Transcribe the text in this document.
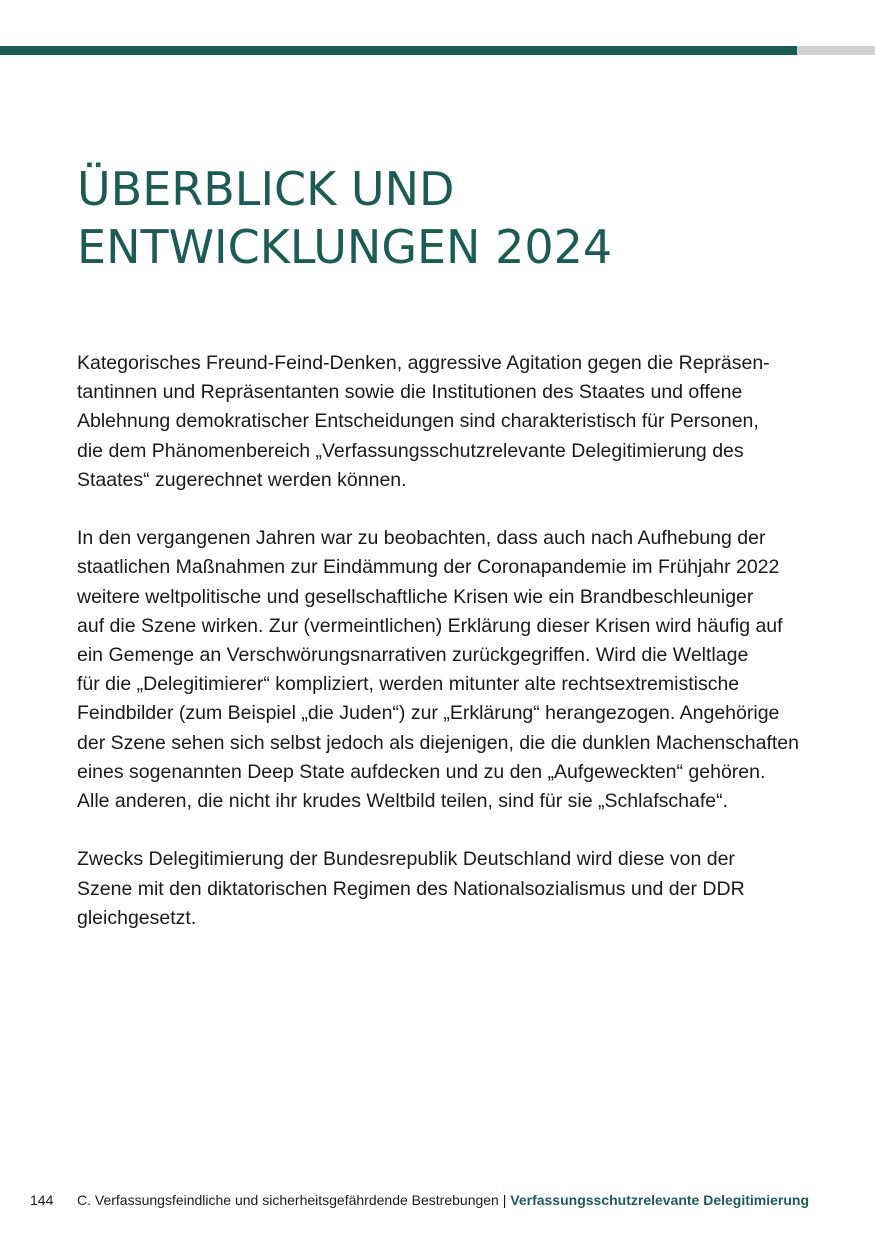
ÜBERBLICK UND
ENTWICKLUNGEN 2024

Kategorisches Freund-Feind-Denken, aggressive Agitation gegen die Repräsen-
tantinnen und Repräsentanten sowie die Institutionen des Staates und offene
Ablehnung demokratischer Entscheidungen sind charakteristisch für Personen,
die dem Phänomenbereich „Verfassungsschutzrelevante Delegitimierung des
Staates“ zugerechnet werden können.

In den vergangenen Jahren war zu beobachten, dass auch nach Aufhebung der
staatlichen Maßnahmen zur Eindämmung der Coronapandemie im Frühjahr 2022
weitere weltpolitische und gesellschaftliche Krisen wie ein Brandbeschleuniger
auf die Szene wirken. Zur (vermeintlichen) Erklärung dieser Krisen wird häufig auf
ein Gemenge an Verschwörungsnarrativen zurückgegriffen. Wird die Weltlage
für die „Delegitimierer“ kompliziert, werden mitunter alte rechtsextremistische
Feindbilder (zum Beispiel „die Juden“) zur „Erklärung“ herangezogen. Angehörige
der Szene sehen sich selbst jedoch als diejenigen, die die dunklen Machenschaften
eines sogenannten Deep State aufdecken und zu den „Aufgeweckten“ gehören.
Alle anderen, die nicht ihr krudes Weltbild teilen, sind für sie „Schlafschafe“.

Zwecks Delegitimierung der Bundesrepublik Deutschland wird diese von der
Szene mit den diktatorischen Regimen des Nationalsozialismus und der DDR
gleichgesetzt.

144 C. Verfassungsfeindliche und sicherheitsgefährdende Bestrebungen | Verfassungsschutzrelevante Delegitimierung
